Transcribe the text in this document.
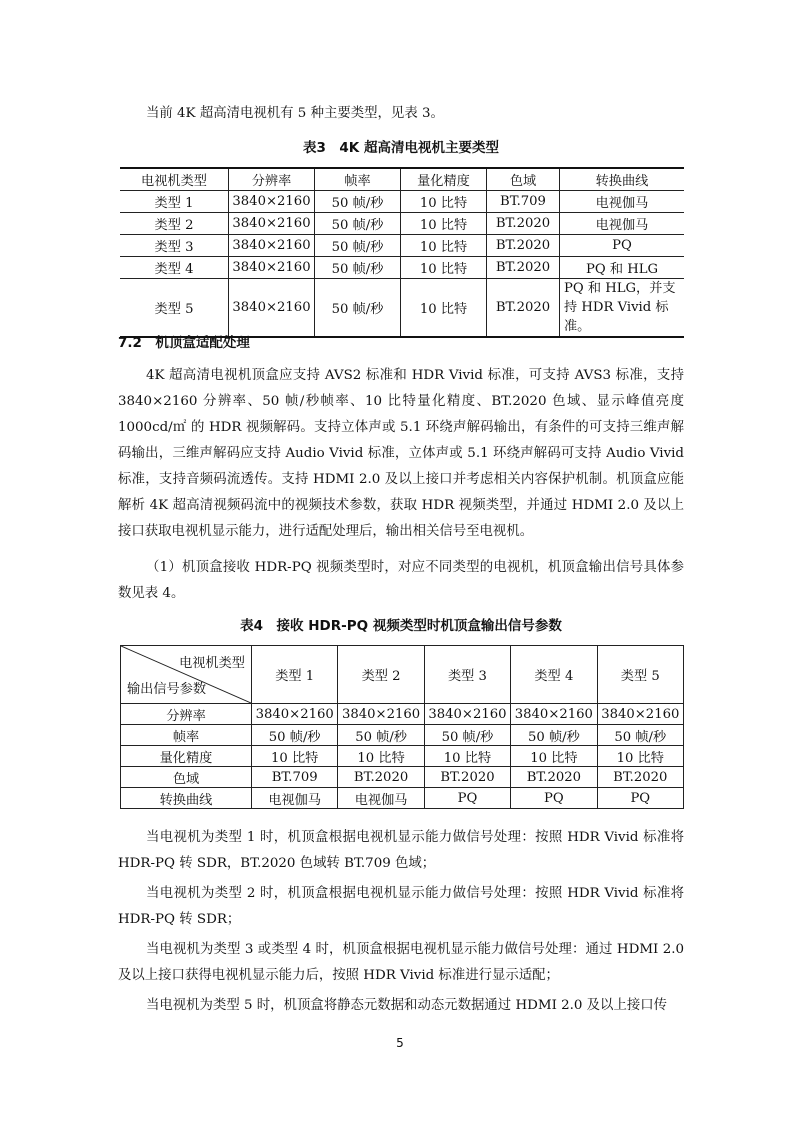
当前 4K 超高清电视机有 5 种主要类型，见表 3。

表3　4K 超高清电视机主要类型
电视机类型	分辨率	帧率	量化精度	色域	转换曲线
类型 1	3840×2160	50 帧/秒	10 比特	BT.709	电视伽马
类型 2	3840×2160	50 帧/秒	10 比特	BT.2020	电视伽马
类型 3	3840×2160	50 帧/秒	10 比特	BT.2020	PQ
类型 4	3840×2160	50 帧/秒	10 比特	BT.2020	PQ 和 HLG
类型 5	3840×2160	50 帧/秒	10 比特	BT.2020	PQ 和 HLG，并支持 HDR Vivid 标准。
7.2　机顶盒适配处理

4K 超高清电视机顶盒应支持 AVS2 标准和 HDR Vivid 标准，可支持 AVS3 标准，支持 3840×2160 分辨率、50 帧/秒帧率、10 比特量化精度、BT.2020 色域、显示峰值亮度 1000cd/㎡ 的 HDR 视频解码。支持立体声或 5.1 环绕声解码输出，有条件的可支持三维声解码输出，三维声解码应支持 Audio Vivid 标准，立体声或 5.1 环绕声解码可支持 Audio Vivid 标准，支持音频码流透传。支持 HDMI 2.0 及以上接口并考虑相关内容保护机制。机顶盒应能解析 4K 超高清视频码流中的视频技术参数，获取 HDR 视频类型，并通过 HDMI 2.0 及以上接口获取电视机显示能力，进行适配处理后，输出相关信号至电视机。

（1）机顶盒接收 HDR-PQ 视频类型时，对应不同类型的电视机，机顶盒输出信号具体参数见表 4。

表4　接收 HDR-PQ 视频类型时机顶盒输出信号参数
电视机类型
输出信号参数	类型 1	类型 2	类型 3	类型 4	类型 5
分辨率	3840×2160	3840×2160	3840×2160	3840×2160	3840×2160
帧率	50 帧/秒	50 帧/秒	50 帧/秒	50 帧/秒	50 帧/秒
量化精度	10 比特	10 比特	10 比特	10 比特	10 比特
色域	BT.709	BT.2020	BT.2020	BT.2020	BT.2020
转换曲线	电视伽马	电视伽马	PQ	PQ	PQ

当电视机为类型 1 时，机顶盒根据电视机显示能力做信号处理：按照 HDR Vivid 标准将 HDR-PQ 转 SDR，BT.2020 色域转 BT.709 色域；

当电视机为类型 2 时，机顶盒根据电视机显示能力做信号处理：按照 HDR Vivid 标准将 HDR-PQ 转 SDR；

当电视机为类型 3 或类型 4 时，机顶盒根据电视机显示能力做信号处理：通过 HDMI 2.0 及以上接口获得电视机显示能力后，按照 HDR Vivid 标准进行显示适配；

当电视机为类型 5 时，机顶盒将静态元数据和动态元数据通过 HDMI 2.0 及以上接口传

5
